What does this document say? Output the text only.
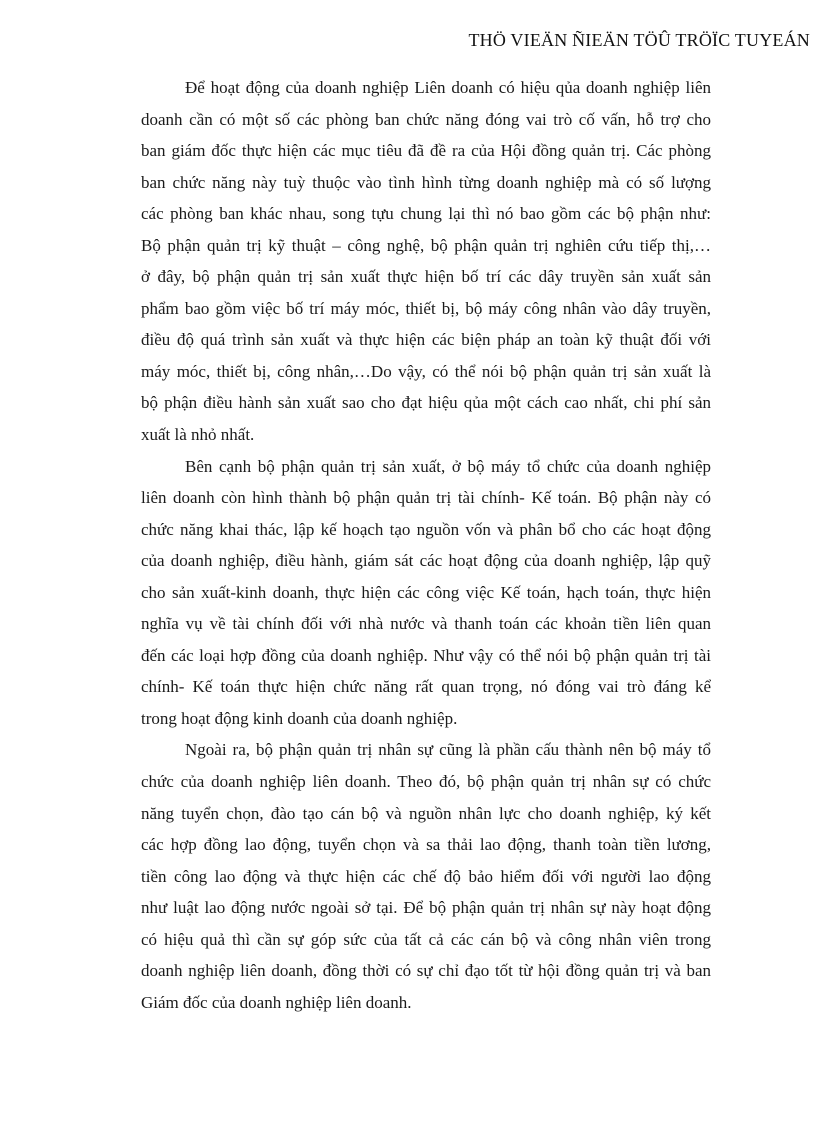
THÖ VIEÄN ÑIEÄN TÖÛ TRÖÏC TUYEÁN
Để hoạt động của doanh nghiệp Liên doanh có hiệu qủa doanh nghiệp liên
doanh cần có một số các phòng ban chức năng đóng vai trò cố vấn, hỗ trợ cho
ban giám đốc thực hiện các mục tiêu đã đề ra của Hội đồng quản trị. Các phòng
ban chức năng này tuỳ thuộc vào tình hình từng doanh nghiệp mà có số lượng
các phòng ban khác nhau, song tựu chung lại thì nó bao gồm các bộ phận như:
Bộ phận quản trị kỹ thuật – công nghệ, bộ phận quản trị nghiên cứu tiếp thị,…
ở đây, bộ phận quản trị sản xuất thực hiện bố trí các dây truyền sản xuất sản
phẩm bao gồm việc bố trí máy móc, thiết bị, bộ máy công nhân vào dây truyền,
điều độ quá trình sản xuất và thực hiện các biện pháp an toàn kỹ thuật đối với
máy móc, thiết bị, công nhân,…Do vậy, có thể nói bộ phận quản trị sản xuất là
bộ phận điều hành sản xuất sao cho đạt hiệu qủa một cách cao nhất, chi phí sản
xuất là nhỏ nhất.
Bên cạnh bộ phận quản trị sản xuất, ở bộ máy tổ chức của doanh nghiệp
liên doanh còn hình thành bộ phận quản trị tài chính- Kế toán. Bộ phận này có
chức năng khai thác, lập kế hoạch tạo nguồn vốn và phân bổ cho các hoạt động
của doanh nghiệp, điều hành, giám sát các hoạt động của doanh nghiệp, lập quỹ
cho sản xuất-kinh doanh, thực hiện các công việc Kế toán, hạch toán, thực hiện
nghĩa vụ về tài chính đối với nhà nước và thanh toán các khoản tiền liên quan
đến các loại hợp đồng của doanh nghiệp. Như vậy có thể nói bộ phận quản trị tài
chính- Kế toán thực hiện chức năng rất quan trọng, nó đóng vai trò đáng kể
trong hoạt động kinh doanh của doanh nghiệp.
Ngoài ra, bộ phận quản trị nhân sự cũng là phần cấu thành nên bộ máy tổ
chức của doanh nghiệp liên doanh. Theo đó, bộ phận quản trị nhân sự có chức
năng tuyển chọn, đào tạo cán bộ và nguồn nhân lực cho doanh nghiệp, ký kết
các hợp đồng lao động, tuyển chọn và sa thải lao động, thanh toàn tiền lương,
tiền công lao động và thực hiện các chế độ bảo hiểm đối với người lao động
như luật lao động nước ngoài sở tại. Để bộ phận quản trị nhân sự này hoạt động
có hiệu quả thì cần sự góp sức của tất cả các cán bộ và công nhân viên trong
doanh nghiệp liên doanh, đồng thời có sự chỉ đạo tốt từ hội đồng quản trị và ban
Giám đốc của doanh nghiệp liên doanh.
